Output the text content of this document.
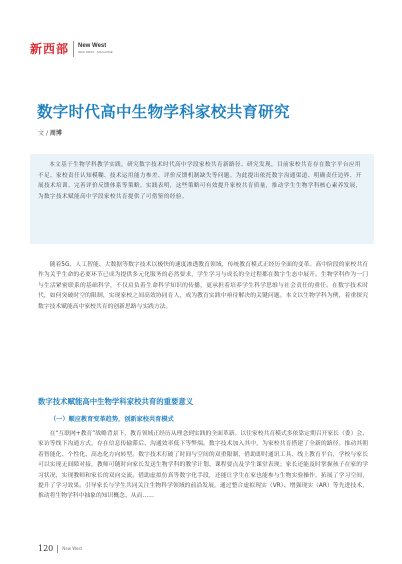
新西部 New West
NEW WEST · MAGAZINE
数字时代高中生物学科家校共育研究
文 / 周博

本文基于生物学科教学实践，研究数字技术时代高中学段家校共育新路径、研究发现，目前家校共育存在数字平台应用不足、家校责任认知模糊、技术运用能力参差、评价反馈机制缺失等问题。为此提出依托数字沟通渠道、明确责任边界、开展技术培训、完善评价反馈体系等策略。实践表明，这些策略可有效提升家校共育质量，推动学生生物学科核心素养发展，为数字技术赋能高中学段家校共育提供了可借鉴的经验。

随着5G、人工智能、大数据等数字技术以极快的速度渗透教育领域，传统教育模式正经历全面的变革。高中阶段的家校共育作为关乎生命的必要环节已成为提供多元化服务的必然要求，学生学习与成长的全过程都在数字生态中展开。生物学科作为一门与生活紧密联系的基础科学，不仅肩负着生命科学知识的传播，更承担着培养学生科学思维与社会责任的重任。在数字技术时代，如何突破时空的限制，实现家校之间高效协同育人，成为教育实践中亟待解决的关键问题。本文以生物学科为例，着重探究数字技术赋能高中家校共育的创新思路与实践方法。

数字技术赋能高中生物学科家校共育的重要意义
（一）顺应教育变革趋势，创新家校共育模式

在“互联网+教育”战略背景下，教育领域正经历从理念到实践的全面革新。以往家校共育模式多依靠定期召开家长（委）会、家访等线下沟通方式，存在信息传输滞后、沟通效率低下等弊端。数字技术加入其中，为家校共育搭建了全新的路径。推动其朝着智能化、个性化、高态化方向转型。数字技术打破了时间与空间的双重限制，借助即时通讯工具、线上教育平台，学校与家长可以实现无间隙对接，教师可随时向家长发送生物学科的教学计划、课程要点及学生课堂表现；家长还能及时掌握孩子在家的学习状况，实现教师和家长的双向交流。借助虚拟仿真等数字化手段，还能让学生在家也能参与生物实验操作，拓展了学习空间，提升了学习效果。引导家长与学生共同关注生物科学领域的前沿发展，通过整合虚拟现实（VR）、增强现实（AR）等先进技术，推动将生物学科中抽象的知识概念、从而……

120 New West
